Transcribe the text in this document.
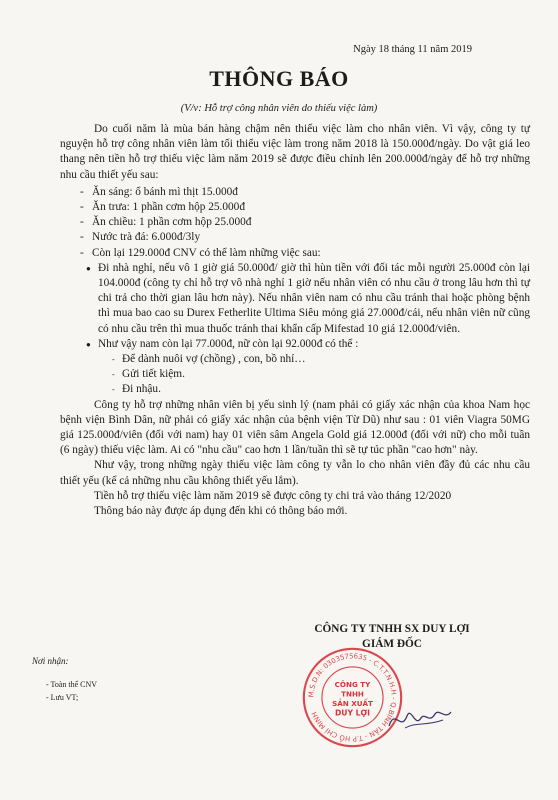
Ngày 18 tháng 11 năm 2019
THÔNG BÁO
(V/v: Hỗ trợ công nhân viên do thiếu việc làm)

Do cuối năm là mùa bán hàng chậm nên thiếu việc làm cho nhân viên. Vì vậy, công ty tự nguyện hỗ trợ công nhân viên làm tối thiểu việc làm trong năm 2018 là 150.000đ/ngày. Do vật giá leo thang nên tiền hỗ trợ thiếu việc làm năm 2019 sẽ được điều chỉnh lên 200.000đ/ngày để hỗ trợ những nhu cầu thiết yếu sau:

- Ăn sáng: ổ bánh mì thịt 15.000đ
- Ăn trưa: 1 phần cơm hộp 25.000đ
- Ăn chiều: 1 phần cơm hộp 25.000đ
- Nước trà đá: 6.000đ/3ly
- Còn lại 129.000đ CNV có thể làm những việc sau:
● Đi nhà nghỉ, nếu vô 1 giờ giá 50.000đ/ giờ thì hùn tiền với đối tác mỗi người 25.000đ còn lại 104.000đ (công ty chỉ hỗ trợ vô nhà nghỉ 1 giờ nếu nhân viên có nhu cầu ở trong lâu hơn thì tự chi trả cho thời gian lâu hơn này). Nếu nhân viên nam có nhu cầu tránh thai hoặc phòng bệnh thì mua bao cao su Durex Fetherlite Ultima Siêu mỏng giá 27.000đ/cái, nếu nhân viên nữ cũng có nhu cầu trên thì mua thuốc tránh thai khẩn cấp Mifestad 10 giá 12.000đ/viên.
● Như vậy nam còn lại 77.000đ, nữ còn lại 92.000đ có thể :
- Để dành nuôi vợ (chồng) , con, bồ nhí…
- Gửi tiết kiệm.
- Đi nhậu.

Công ty hỗ trợ những nhân viên bị yếu sinh lý (nam phải có giấy xác nhận của khoa Nam học bệnh viện Bình Dân, nữ phải có giấy xác nhận của bệnh viện Từ Dũ) như sau : 01 viên Viagra 50MG giá 125.000đ/viên (đối với nam) hay 01 viên sâm Angela Gold giá 12.000đ (đối với nữ) cho mỗi tuần (6 ngày) thiếu việc làm. Ai có "nhu cầu" cao hơn 1 lần/tuần thì sẽ tự túc phần "cao hơn" này.

Như vậy, trong những ngày thiếu việc làm công ty vẫn lo cho nhân viên đầy đủ các nhu cầu thiết yếu (kể cả những nhu cầu không thiết yếu lắm).

Tiền hỗ trợ thiếu việc làm năm 2019 sẽ được công ty chi trả vào tháng 12/2020

Thông báo này được áp dụng đến khi có thông báo mới.

CÔNG TY TNHH SX DUY LỢI
GIÁM ĐỐC
Nơi nhận:
- Toàn thể CNV
- Lưu VT;	M.S.D.N: 0303575635 - C.T.T.N.H.H - Q.BÌNH TÂN - T.P HỒ CHÍ MINH
CÔNG TY
TNHH
SẢN XUẤT
DUY LỢI
